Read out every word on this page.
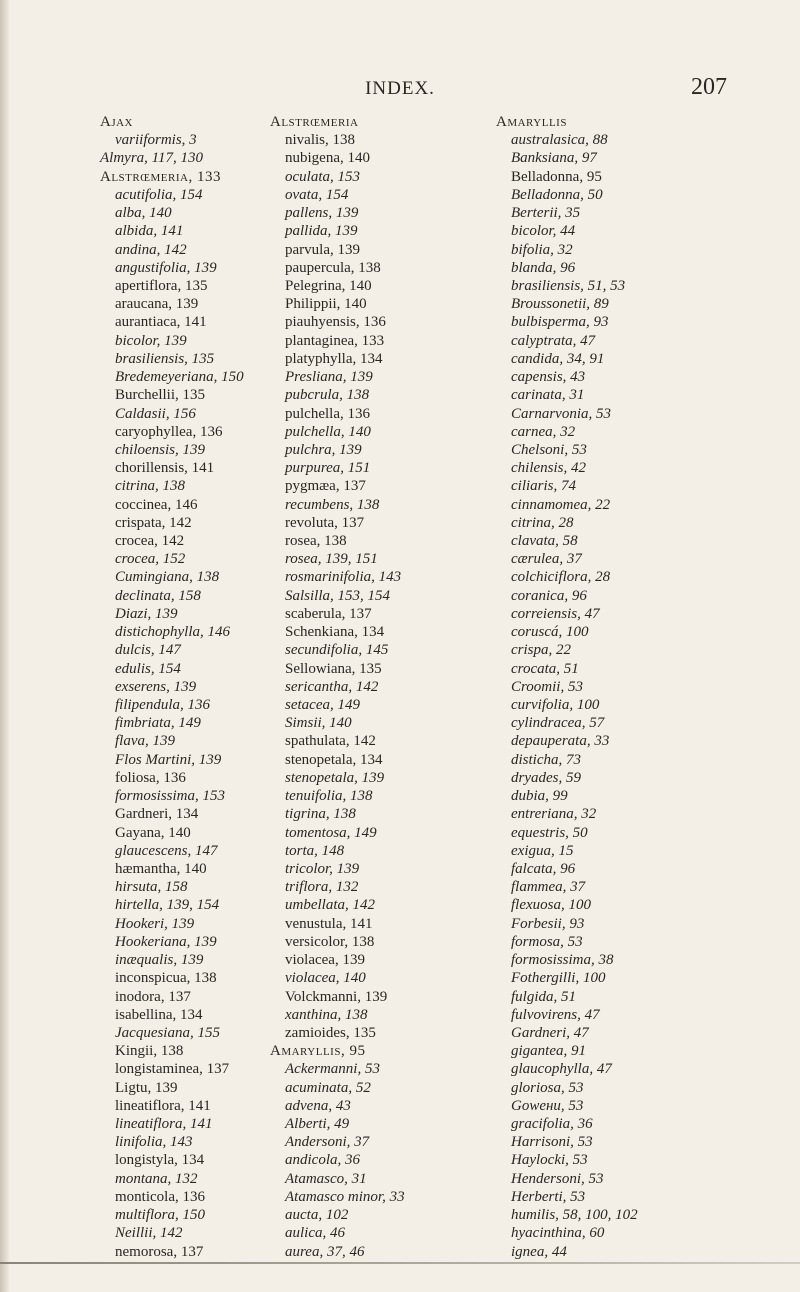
INDEX.	207
Ajax
variiformis, 3
Almyra, 117, 130
Alstrœmeria, 133
acutifolia, 154
alba, 140
albida, 141
andina, 142
angustifolia, 139
apertiflora, 135
araucana, 139
aurantiaca, 141
bicolor, 139
brasiliensis, 135
Bredemeyeriana, 150
Burchellii, 135
Caldasii, 156
caryophyllea, 136
chiloensis, 139
chorillensis, 141
citrina, 138
coccinea, 146
crispata, 142
crocea, 142
crocea, 152
Cumingiana, 138
declinata, 158
Diazi, 139
distichophylla, 146
dulcis, 147
edulis, 154
exserens, 139
filipendula, 136
fimbriata, 149
flava, 139
Flos Martini, 139
foliosa, 136
formosissima, 153
Gardneri, 134
Gayana, 140
glaucescens, 147
hæmantha, 140
hirsuta, 158
hirtella, 139, 154
Hookeri, 139
Hookeriana, 139
inæqualis, 139
inconspicua, 138
inodora, 137
isabellina, 134
Jacquesiana, 155
Kingii, 138
longistaminea, 137
Ligtu, 139
lineatiflora, 141
lineatiflora, 141
linifolia, 143
longistyla, 134
montana, 132
monticola, 136
multiflora, 150
Neillii, 142
nemorosa, 137
Alstrœmeria
nivalis, 138
nubigena, 140
oculata, 153
ovata, 154
pallens, 139
pallida, 139
parvula, 139
paupercula, 138
Pelegrina, 140
Philippii, 140
piauhyensis, 136
plantaginea, 133
platyphylla, 134
Presliana, 139
pubcrula, 138
pulchella, 136
pulchella, 140
pulchra, 139
purpurea, 151
pygmæa, 137
recumbens, 138
revoluta, 137
rosea, 138
rosea, 139, 151
rosmarinifolia, 143
Salsilla, 153, 154
scaberula, 137
Schenkiana, 134
secundifolia, 145
Sellowiana, 135
sericantha, 142
setacea, 149
Simsii, 140
spathulata, 142
stenopetala, 134
stenopetala, 139
tenuifolia, 138
tigrina, 138
tomentosa, 149
torta, 148
tricolor, 139
triflora, 132
umbellata, 142
venustula, 141
versicolor, 138
violacea, 139
violacea, 140
Volckmanni, 139
xanthina, 138
zamioides, 135
Amaryllis, 95
Ackermanni, 53
acuminata, 52
advena, 43
Alberti, 49
Andersoni, 37
andicola, 36
Atamasco, 31
Atamasco minor, 33
aucta, 102
aulica, 46
aurea, 37, 46
Amaryllis
australasica, 88
Banksiana, 97
Belladonna, 95
Belladonna, 50
Berterii, 35
bicolor, 44
bifolia, 32
blanda, 96
brasiliensis, 51, 53
Broussonetii, 89
bulbisperma, 93
calyptrata, 47
candida, 34, 91
capensis, 43
carinata, 31
Carnarvonia, 53
carnea, 32
Chelsoni, 53
chilensis, 42
ciliaris, 74
cinnamomea, 22
citrina, 28
clavata, 58
cærulea, 37
colchiciflora, 28
coranica, 96
correiensis, 47
coruscá, 100
crispa, 22
crocata, 51
Croomii, 53
curvifolia, 100
cylindracea, 57
depauperata, 33
disticha, 73
dryades, 59
dubia, 99
entreriana, 32
equestris, 50
exigua, 15
falcata, 96
flammea, 37
flexuosa, 100
Forbesii, 93
formosa, 53
formosissima, 38
Fothergilli, 100
fulgida, 51
fulvovirens, 47
Gardneri, 47
gigantea, 91
glaucophylla, 47
gloriosa, 53
Gowени, 53
gracifolia, 36
Harrisoni, 53
Haylocki, 53
Hendersoni, 53
Herberti, 53
humilis, 58, 100, 102
hyacinthina, 60
ignea, 44
